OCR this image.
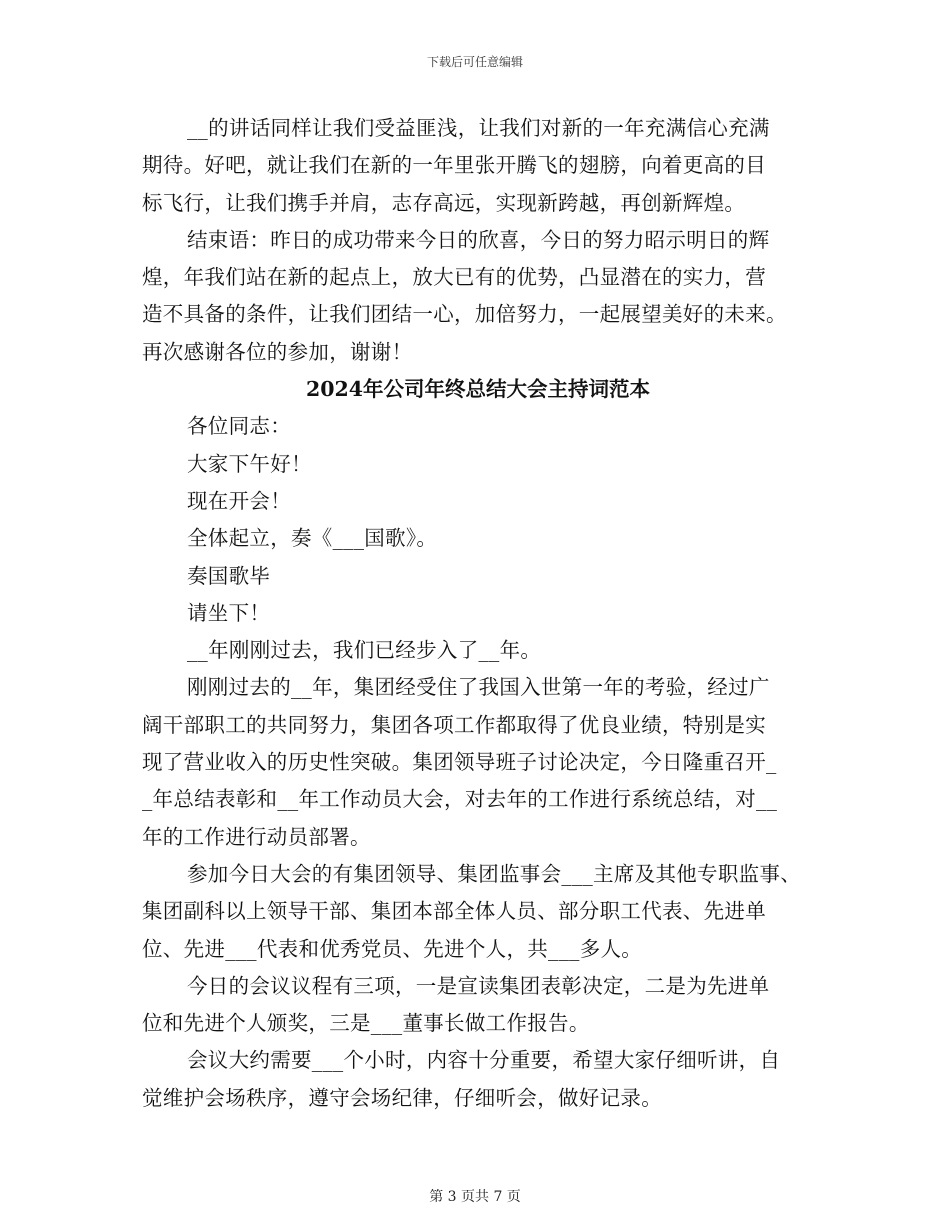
下载后可任意编辑

__的讲话同样让我们受益匪浅，让我们对新的一年充满信心充满

期待。好吧，就让我们在新的一年里张开腾飞的翅膀，向着更高的目

标飞行，让我们携手并肩，志存高远，实现新跨越，再创新辉煌。

结束语：昨日的成功带来今日的欣喜，今日的努力昭示明日的辉

煌，年我们站在新的起点上，放大已有的优势，凸显潜在的实力，营

造不具备的条件，让我们团结一心，加倍努力，一起展望美好的未来。

再次感谢各位的参加，谢谢！

2024年公司年终总结大会主持词范本

各位同志：

大家下午好！

现在开会！

全体起立，奏《___国歌》。

奏国歌毕

请坐下！

__年刚刚过去，我们已经步入了__年。

刚刚过去的__年，集团经受住了我国入世第一年的考验，经过广

阔干部职工的共同努力，集团各项工作都取得了优良业绩，特别是实

现了营业收入的历史性突破。集团领导班子讨论决定，今日隆重召开_

_年总结表彰和__年工作动员大会，对去年的工作进行系统总结，对__

年的工作进行动员部署。

参加今日大会的有集团领导、集团监事会___主席及其他专职监事、

集团副科以上领导干部、集团本部全体人员、部分职工代表、先进单

位、先进___代表和优秀党员、先进个人，共___多人。

今日的会议议程有三项，一是宣读集团表彰决定，二是为先进单

位和先进个人颁奖，三是___董事长做工作报告。

会议大约需要___个小时，内容十分重要，希望大家仔细听讲，自

觉维护会场秩序，遵守会场纪律，仔细听会，做好记录。

第 3 页共 7 页
